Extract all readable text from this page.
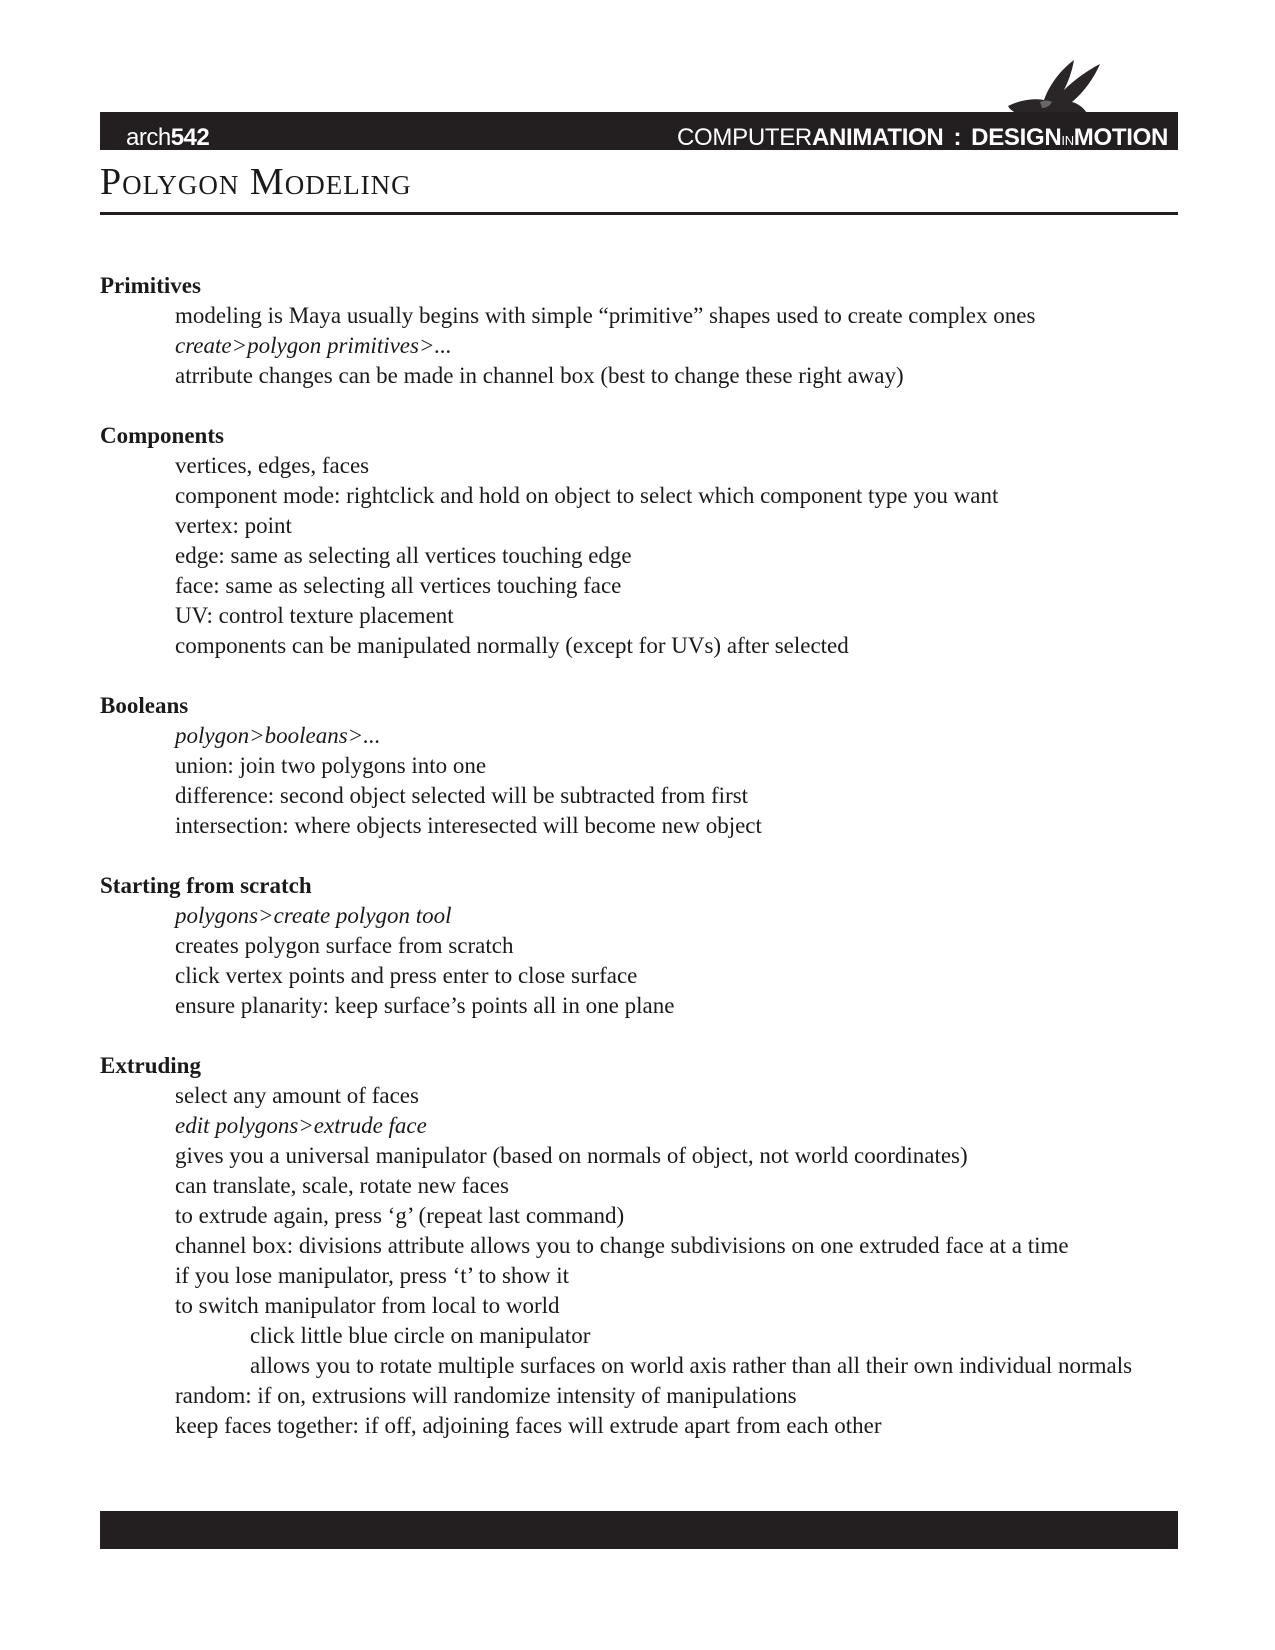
arch542	COMPUTERANIMATION : DESIGNINMOTION
Polygon Modeling
Primitives

modeling is Maya usually begins with simple “primitive” shapes used to create complex ones

create>polygon primitives>...

atrribute changes can be made in channel box (best to change these right away)

Components

vertices, edges, faces

component mode: rightclick and hold on object to select which component type you want

vertex: point

edge: same as selecting all vertices touching edge

face: same as selecting all vertices touching face

UV: control texture placement

components can be manipulated normally (except for UVs) after selected

Booleans

polygon>booleans>...

union: join two polygons into one

difference: second object selected will be subtracted from first

intersection: where objects interesected will become new object

Starting from scratch

polygons>create polygon tool

creates polygon surface from scratch

click vertex points and press enter to close surface

ensure planarity: keep surface’s points all in one plane

Extruding

select any amount of faces

edit polygons>extrude face

gives you a universal manipulator (based on normals of object, not world coordinates)

can translate, scale, rotate new faces

to extrude again, press ‘g’ (repeat last command)

channel box: divisions attribute allows you to change subdivisions on one extruded face at a time

if you lose manipulator, press ‘t’ to show it

to switch manipulator from local to world

click little blue circle on manipulator

allows you to rotate multiple surfaces on world axis rather than all their own individual normals

random: if on, extrusions will randomize intensity of manipulations

keep faces together: if off, adjoining faces will extrude apart from each other
